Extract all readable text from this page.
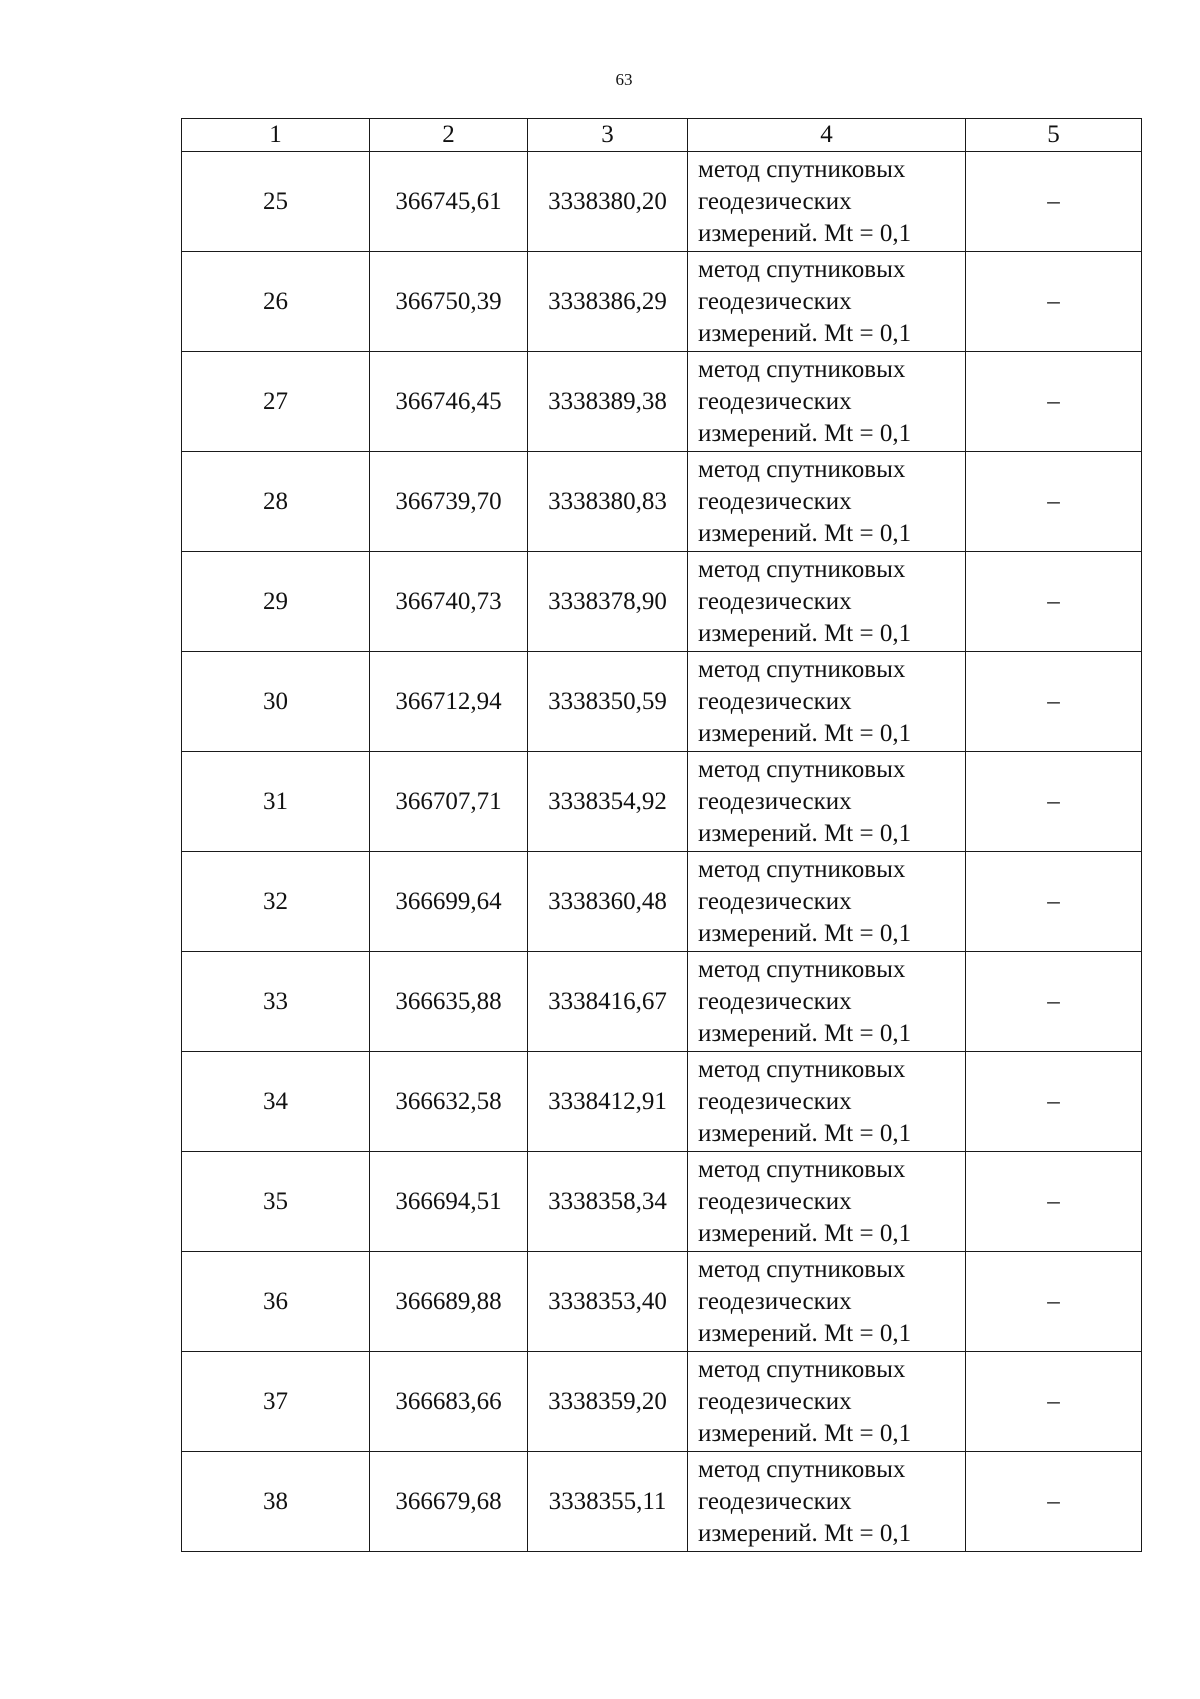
63
1	2	3	4	5
25	366745,61	3338380,20	метод спутниковых
геодезических
измерений. Mt = 0,1	–
26	366750,39	3338386,29	метод спутниковых
геодезических
измерений. Mt = 0,1	–
27	366746,45	3338389,38	метод спутниковых
геодезических
измерений. Mt = 0,1	–
28	366739,70	3338380,83	метод спутниковых
геодезических
измерений. Mt = 0,1	–
29	366740,73	3338378,90	метод спутниковых
геодезических
измерений. Mt = 0,1	–
30	366712,94	3338350,59	метод спутниковых
геодезических
измерений. Mt = 0,1	–
31	366707,71	3338354,92	метод спутниковых
геодезических
измерений. Mt = 0,1	–
32	366699,64	3338360,48	метод спутниковых
геодезических
измерений. Mt = 0,1	–
33	366635,88	3338416,67	метод спутниковых
геодезических
измерений. Mt = 0,1	–
34	366632,58	3338412,91	метод спутниковых
геодезических
измерений. Mt = 0,1	–
35	366694,51	3338358,34	метод спутниковых
геодезических
измерений. Mt = 0,1	–
36	366689,88	3338353,40	метод спутниковых
геодезических
измерений. Mt = 0,1	–
37	366683,66	3338359,20	метод спутниковых
геодезических
измерений. Mt = 0,1	–
38	366679,68	3338355,11	метод спутниковых
геодезических
измерений. Mt = 0,1	–
